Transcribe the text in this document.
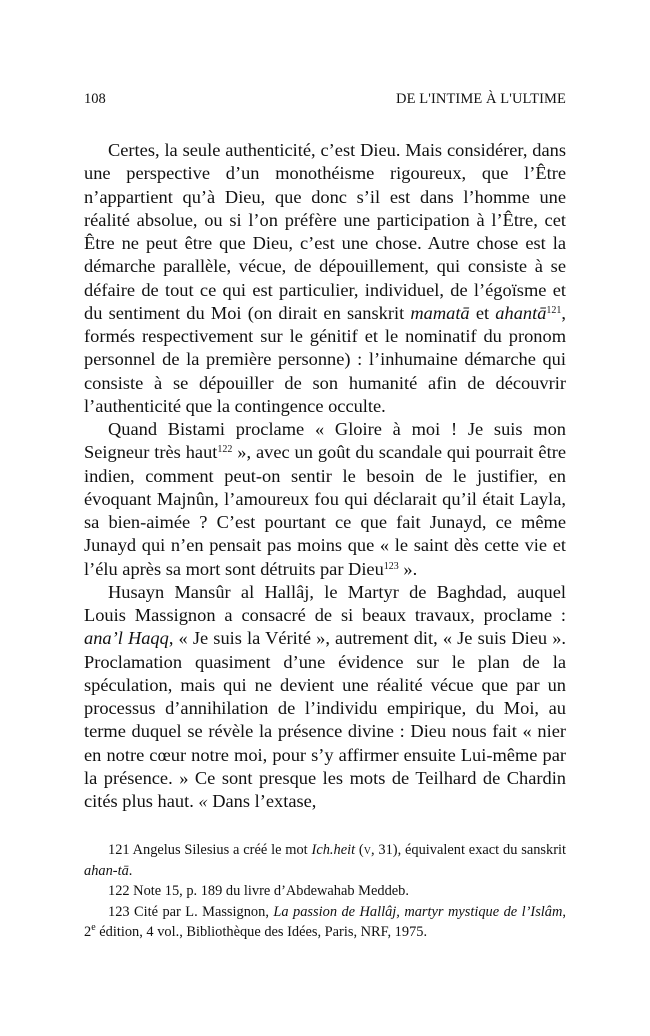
108	DE L'INTIME À L'ULTIME

Certes, la seule authenticité, c’est Dieu. Mais considérer, dans une perspective d’un monothéisme rigoureux, que l’Être n’appartient qu’à Dieu, que donc s’il est dans l’homme une réalité absolue, ou si l’on préfère une participation à l’Être, cet Être ne peut être que Dieu, c’est une chose. Autre chose est la démarche parallèle, vécue, de dépouillement, qui consiste à se défaire de tout ce qui est particulier, individuel, de l’égoïsme et du sentiment du Moi (on dirait en sanskrit mamatā et ahantā$^{121}$, formés respectivement sur le génitif et le nominatif du pronom personnel de la première personne) : l’inhumaine démarche qui consiste à se dépouiller de son humanité afin de découvrir l’authenticité que la contingence occulte.

Quand Bistami proclame « Gloire à moi ! Je suis mon Seigneur très haut$^{122}$ », avec un goût du scandale qui pourrait être indien, comment peut-on sentir le besoin de le justifier, en évoquant Majnûn, l’amoureux fou qui déclarait qu’il était Layla, sa bien-aimée ? C’est pourtant ce que fait Junayd, ce même Junayd qui n’en pensait pas moins que « le saint dès cette vie et l’élu après sa mort sont détruits par Dieu$^{123}$ ».

Husayn Mansûr al Hallâj, le Martyr de Baghdad, auquel Louis Massignon a consacré de si beaux travaux, proclame : ana’l Haqq, « Je suis la Vérité », autrement dit, « Je suis Dieu ». Proclamation quasiment d’une évidence sur le plan de la spéculation, mais qui ne devient une réalité vécue que par un processus d’annihilation de l’individu empirique, du Moi, au terme duquel se révèle la présence divine : Dieu nous fait « nier en notre cœur notre moi, pour s’y affirmer ensuite Lui-même par la présence. » Ce sont presque les mots de Teilhard de Chardin cités plus haut. « Dans l’extase,

121 Angelus Silesius a créé le mot Ich.heit (v, 31), équivalent exact du sanskrit ahan-tā.

122 Note 15, p. 189 du livre d’Abdewahab Meddeb.

123 Cité par L. Massignon, La passion de Hallâj, martyr mystique de l’Islâm, 2e édition, 4 vol., Bibliothèque des Idées, Paris, NRF, 1975.
